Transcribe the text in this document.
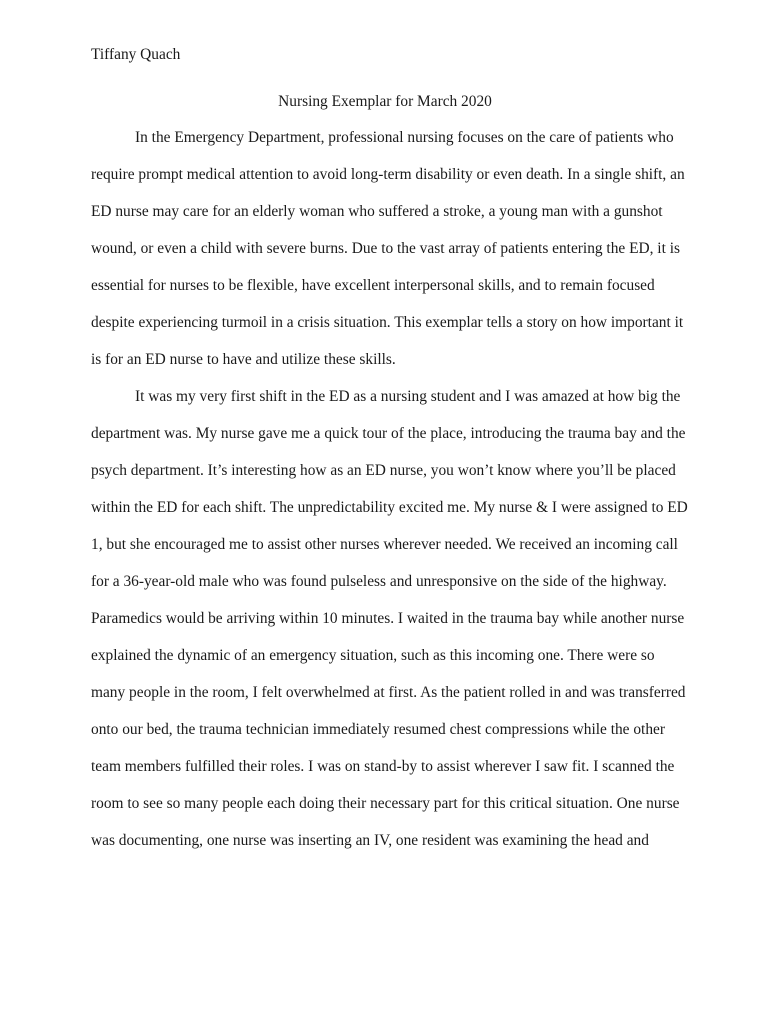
Tiffany Quach
Nursing Exemplar for March 2020
In the Emergency Department, professional nursing focuses on the care of patients who
require prompt medical attention to avoid long-term disability or even death. In a single shift, an
ED nurse may care for an elderly woman who suffered a stroke, a young man with a gunshot
wound, or even a child with severe burns. Due to the vast array of patients entering the ED, it is
essential for nurses to be flexible, have excellent interpersonal skills, and to remain focused
despite experiencing turmoil in a crisis situation. This exemplar tells a story on how important it
is for an ED nurse to have and utilize these skills.
It was my very first shift in the ED as a nursing student and I was amazed at how big the
department was. My nurse gave me a quick tour of the place, introducing the trauma bay and the
psych department. It’s interesting how as an ED nurse, you won’t know where you’ll be placed
within the ED for each shift. The unpredictability excited me. My nurse & I were assigned to ED
1, but she encouraged me to assist other nurses wherever needed. We received an incoming call
for a 36-year-old male who was found pulseless and unresponsive on the side of the highway.
Paramedics would be arriving within 10 minutes. I waited in the trauma bay while another nurse
explained the dynamic of an emergency situation, such as this incoming one. There were so
many people in the room, I felt overwhelmed at first. As the patient rolled in and was transferred
onto our bed, the trauma technician immediately resumed chest compressions while the other
team members fulfilled their roles. I was on stand-by to assist wherever I saw fit. I scanned the
room to see so many people each doing their necessary part for this critical situation. One nurse
was documenting, one nurse was inserting an IV, one resident was examining the head and
